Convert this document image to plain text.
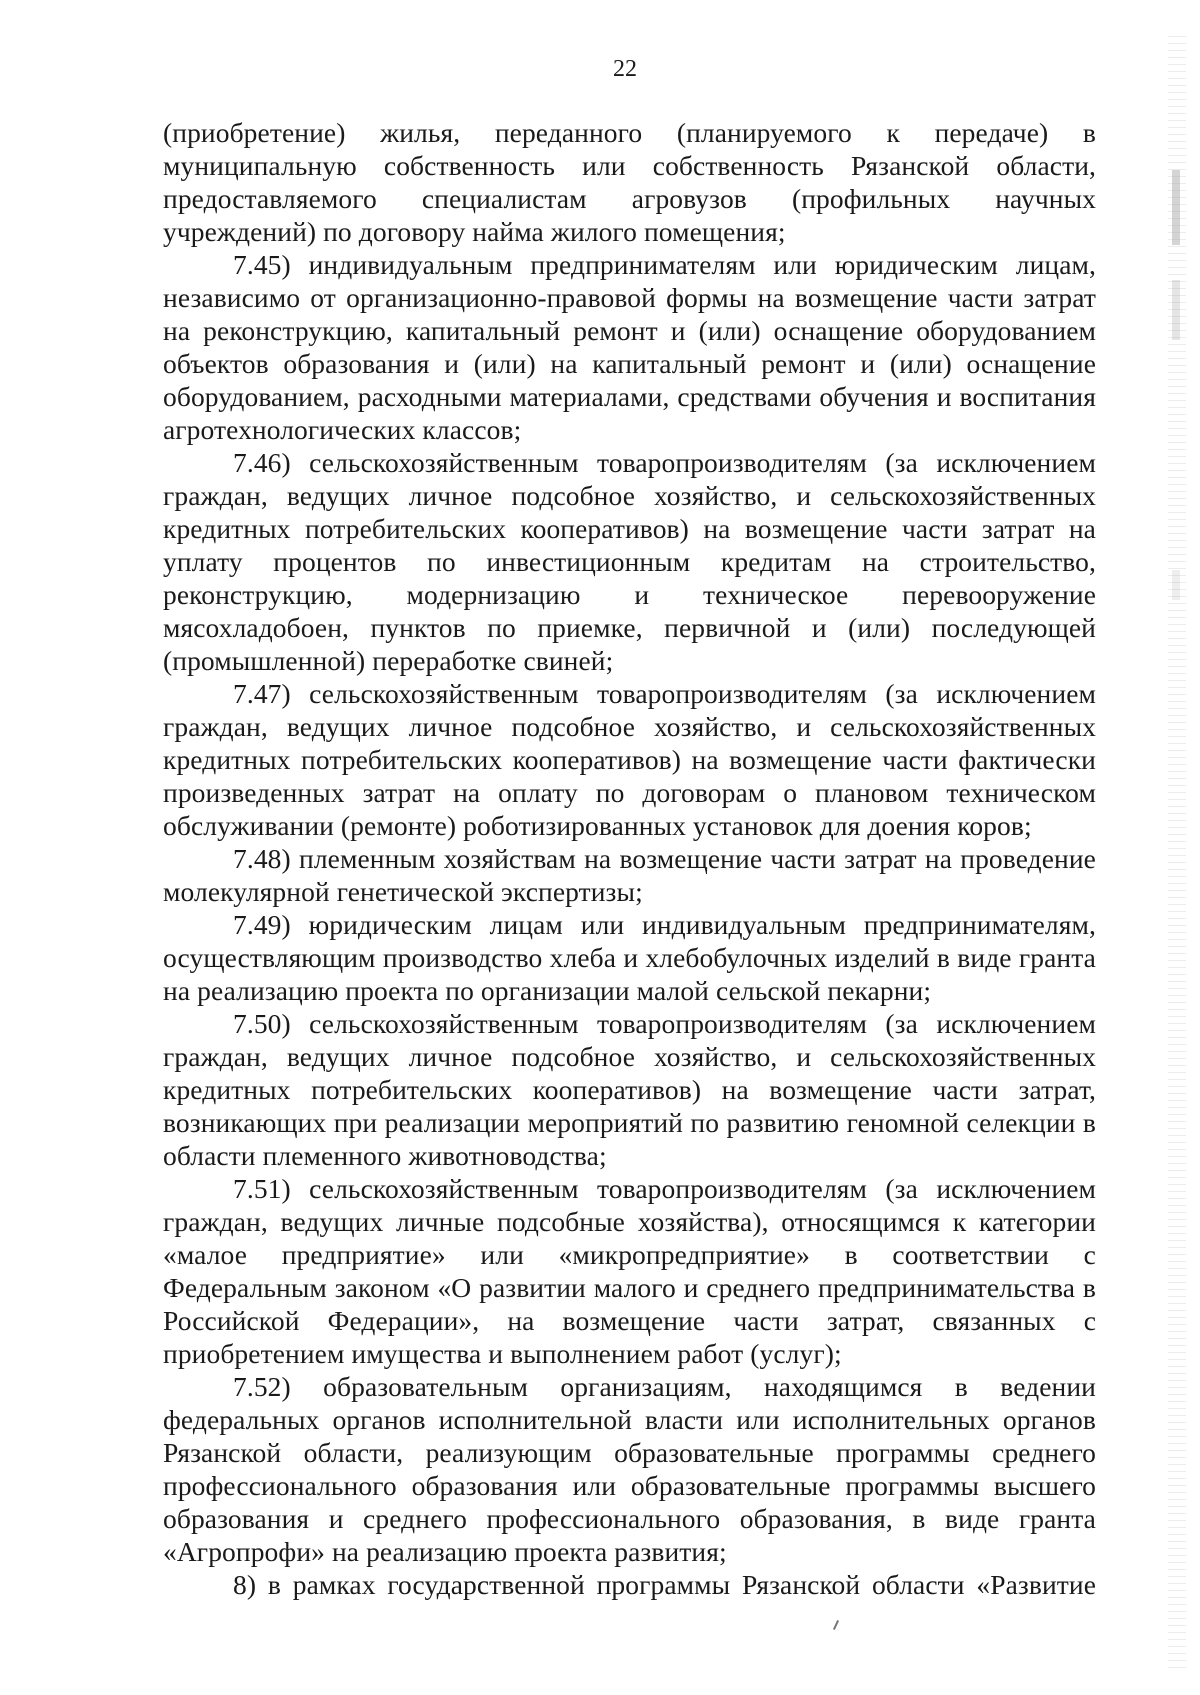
22

(приобретение) жилья, переданного (планируемого к передаче) в муниципальную собственность или собственность Рязанской области, предоставляемого специалистам агровузов (профильных научных учреждений) по договору найма жилого помещения;

7.45) индивидуальным предпринимателям или юридическим лицам, независимо от организационно-правовой формы на возмещение части затрат на реконструкцию, капитальный ремонт и (или) оснащение оборудованием объектов образования и (или) на капитальный ремонт и (или) оснащение оборудованием, расходными материалами, средствами обучения и воспитания агротехнологических классов;

7.46) сельскохозяйственным товаропроизводителям (за исключением граждан, ведущих личное подсобное хозяйство, и сельскохозяйственных кредитных потребительских кооперативов) на возмещение части затрат на уплату процентов по инвестиционным кредитам на строительство, реконструкцию, модернизацию и техническое перевооружение мясохладобоен, пунктов по приемке, первичной и (или) последующей (промышленной) переработке свиней;

7.47) сельскохозяйственным товаропроизводителям (за исключением граждан, ведущих личное подсобное хозяйство, и сельскохозяйственных кредитных потребительских кооперативов) на возмещение части фактически произведенных затрат на оплату по договорам о плановом техническом обслуживании (ремонте) роботизированных установок для доения коров;

7.48) племенным хозяйствам на возмещение части затрат на проведение молекулярной генетической экспертизы;

7.49) юридическим лицам или индивидуальным предпринимателям, осуществляющим производство хлеба и хлебобулочных изделий в виде гранта на реализацию проекта по организации малой сельской пекарни;

7.50) сельскохозяйственным товаропроизводителям (за исключением граждан, ведущих личное подсобное хозяйство, и сельскохозяйственных кредитных потребительских кооперативов) на возмещение части затрат, возникающих при реализации мероприятий по развитию геномной селекции в области племенного животноводства;

7.51) сельскохозяйственным товаропроизводителям (за исключением граждан, ведущих личные подсобные хозяйства), относящимся к категории «малое предприятие» или «микропредприятие» в соответствии с Федеральным законом «О развитии малого и среднего предпринимательства в Российской Федерации», на возмещение части затрат, связанных с приобретением имущества и выполнением работ (услуг);

7.52) образовательным организациям, находящимся в ведении федеральных органов исполнительной власти или исполнительных органов Рязанской области, реализующим образовательные программы среднего профессионального образования или образовательные программы высшего образования и среднего профессионального образования, в виде гранта «Агропрофи» на реализацию проекта развития;

8) в рамках государственной программы Рязанской области «Развитие
